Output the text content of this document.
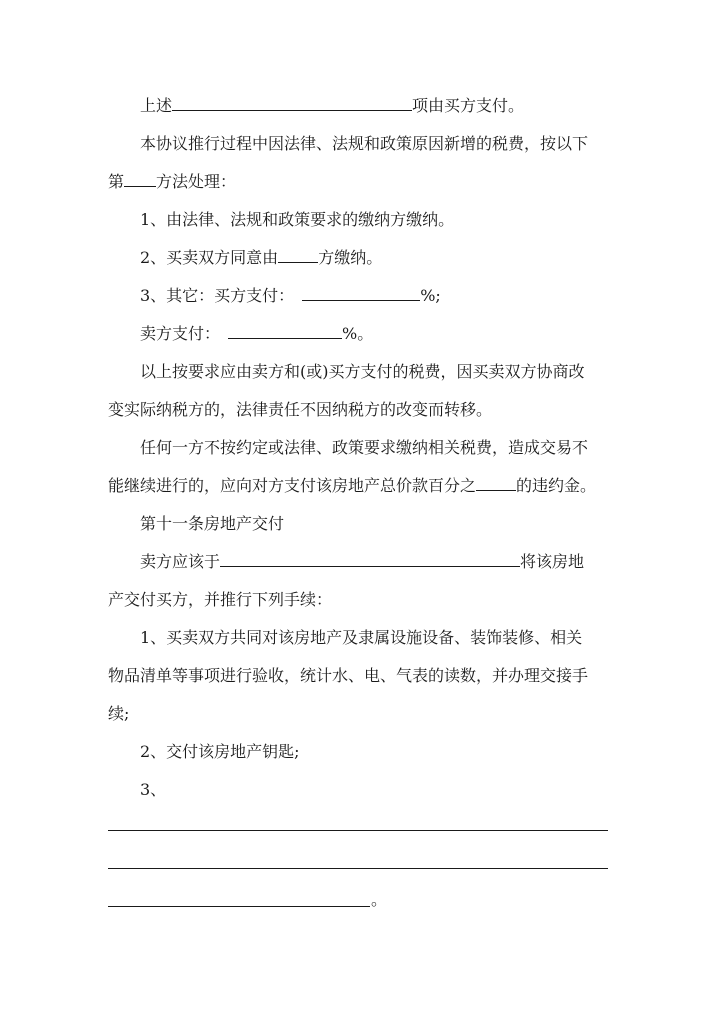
上述	项由买方支付。
本协议推行过程中因法律、法规和政策原因新增的税费，按以下
第 方法处理：
1、由法律、法规和政策要求的缴纳方缴纳。
2、买卖双方同意由	方缴纳。
3、其它：买方支付：	%;
卖方支付：	%。
以上按要求应由卖方和(或)买方支付的税费，因买卖双方协商改
变实际纳税方的，法律责任不因纳税方的改变而转移。
任何一方不按约定或法律、政策要求缴纳相关税费，造成交易不
能继续进行的，应向对方支付该房地产总价款百分之	的违约金。
第十一条房地产交付
卖方应该于	将该房地
产交付买方，并推行下列手续：
1、买卖双方共同对该房地产及隶属设施设备、装饰装修、相关
物品清单等事项进行验收，统计水、电、气表的读数，并办理交接手
续;
2、交付该房地产钥匙;
3、
。
